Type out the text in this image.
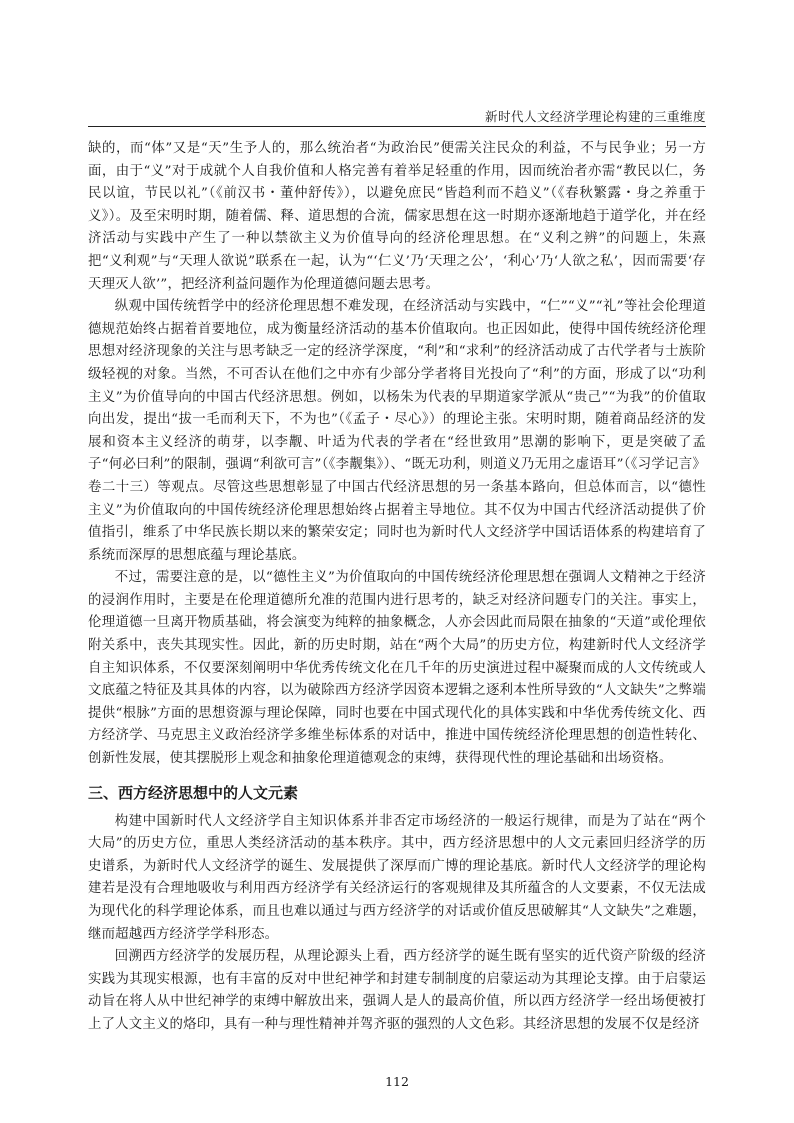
新时代人文经济学理论构建的三重维度

缺的，而“体”又是“天”生予人的，那么统治者“为政治民”便需关注民众的利益，不与民争业；另一方面，由于“义”对于成就个人自我价值和人格完善有着举足轻重的作用，因而统治者亦需“教民以仁，务民以谊，节民以礼”（《前汉书・董仲舒传》），以避免庶民“皆趋利而不趋义”（《春秋繁露・身之养重于义》）。及至宋明时期，随着儒、释、道思想的合流，儒家思想在这一时期亦逐渐地趋于道学化，并在经济活动与实践中产生了一种以禁欲主义为价值导向的经济伦理思想。在“义利之辨”的问题上，朱熹把“义利观”与“天理人欲说”联系在一起，认为“‘仁义’乃‘天理之公’，‘利心’乃‘人欲之私’，因而需要‘存天理灭人欲’”，把经济利益问题作为伦理道德问题去思考。

纵观中国传统哲学中的经济伦理思想不难发现，在经济活动与实践中，“仁”“义”“礼”等社会伦理道德规范始终占据着首要地位，成为衡量经济活动的基本价值取向。也正因如此，使得中国传统经济伦理思想对经济现象的关注与思考缺乏一定的经济学深度，“利”和“求利”的经济活动成了古代学者与士族阶级轻视的对象。当然，不可否认在他们之中亦有少部分学者将目光投向了“利”的方面，形成了以“功利主义”为价值导向的中国古代经济思想。例如，以杨朱为代表的早期道家学派从“贵己”“为我”的价值取向出发，提出“拔一毛而利天下，不为也”（《孟子・尽心》）的理论主张。宋明时期，随着商品经济的发展和资本主义经济的萌芽，以李觏、叶适为代表的学者在“经世致用”思潮的影响下，更是突破了孟子“何必曰利”的限制，强调“利欲可言”（《李觏集》）、“既无功利，则道义乃无用之虚语耳”（《习学记言》卷二十三）等观点。尽管这些思想彰显了中国古代经济思想的另一条基本路向，但总体而言，以“德性主义”为价值取向的中国传统经济伦理思想始终占据着主导地位。其不仅为中国古代经济活动提供了价值指引，维系了中华民族长期以来的繁荣安定；同时也为新时代人文经济学中国话语体系的构建培育了系统而深厚的思想底蕴与理论基底。

不过，需要注意的是，以“德性主义”为价值取向的中国传统经济伦理思想在强调人文精神之于经济的浸润作用时，主要是在伦理道德所允准的范围内进行思考的，缺乏对经济问题专门的关注。事实上，伦理道德一旦离开物质基础，将会演变为纯粹的抽象概念，人亦会因此而局限在抽象的“天道”或伦理依附关系中，丧失其现实性。因此，新的历史时期，站在“两个大局”的历史方位，构建新时代人文经济学自主知识体系，不仅要深刻阐明中华优秀传统文化在几千年的历史演进过程中凝聚而成的人文传统或人文底蕴之特征及其具体的内容，以为破除西方经济学因资本逻辑之逐利本性所导致的“人文缺失”之弊端提供“根脉”方面的思想资源与理论保障，同时也要在中国式现代化的具体实践和中华优秀传统文化、西方经济学、马克思主义政治经济学多维坐标体系的对话中，推进中国传统经济伦理思想的创造性转化、创新性发展，使其摆脱形上观念和抽象伦理道德观念的束缚，获得现代性的理论基础和出场资格。

三、西方经济思想中的人文元素

构建中国新时代人文经济学自主知识体系并非否定市场经济的一般运行规律，而是为了站在“两个大局”的历史方位，重思人类经济活动的基本秩序。其中，西方经济思想中的人文元素回归经济学的历史谱系，为新时代人文经济学的诞生、发展提供了深厚而广博的理论基底。新时代人文经济学的理论构建若是没有合理地吸收与利用西方经济学有关经济运行的客观规律及其所蕴含的人文要素，不仅无法成为现代化的科学理论体系，而且也难以通过与西方经济学的对话或价值反思破解其“人文缺失”之难题，继而超越西方经济学学科形态。

回溯西方经济学的发展历程，从理论源头上看，西方经济学的诞生既有坚实的近代资产阶级的经济实践为其现实根源，也有丰富的反对中世纪神学和封建专制制度的启蒙运动为其理论支撑。由于启蒙运动旨在将人从中世纪神学的束缚中解放出来，强调人是人的最高价值，所以西方经济学一经出场便被打上了人文主义的烙印，具有一种与理性精神并驾齐驱的强烈的人文色彩。其经济思想的发展不仅是经济

112
